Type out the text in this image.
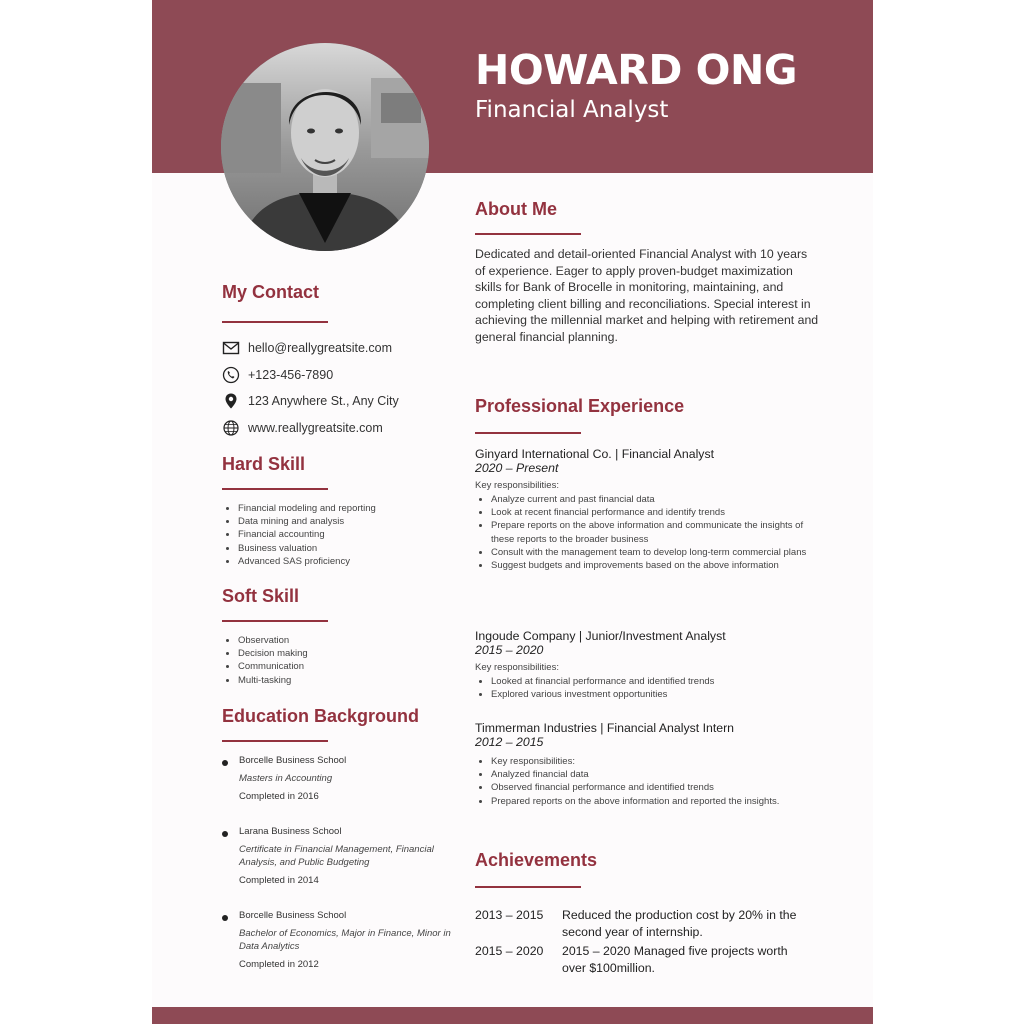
HOWARD ONG
Financial Analyst
My Contact
hello@reallygreatsite.com
+123-456-7890
123 Anywhere St., Any City
www.reallygreatsite.com
Hard Skill
• Financial modeling and reporting
• Data mining and analysis
• Financial accounting
• Business valuation
• Advanced SAS proficiency
Soft Skill
• Observation
• Decision making
• Communication
• Multi-tasking
Education Background
Borcelle Business School
Masters in Accounting
Completed in 2016
Larana Business School
Certificate in Financial Management, Financial Analysis, and Public Budgeting
Completed in 2014
Borcelle Business School
Bachelor of Economics, Major in Finance, Minor in Data Analytics
Completed in 2012
About Me
Dedicated and detail-oriented Financial Analyst with 10 years of experience. Eager to apply proven-budget maximization skills for Bank of Brocelle in monitoring, maintaining, and completing client billing and reconciliations. Special interest in achieving the millennial market and helping with retirement and general financial planning.
Professional Experience
Ginyard International Co. | Financial Analyst
2020 – Present
Key responsibilities:
• Analyze current and past financial data
• Look at recent financial performance and identify trends
• Prepare reports on the above information and communicate the insights of these reports to the broader business
• Consult with the management team to develop long-term commercial plans
• Suggest budgets and improvements based on the above information
Ingoude Company | Junior/Investment Analyst
2015 – 2020
Key responsibilities:
• Looked at financial performance and identified trends
• Explored various investment opportunities
Timmerman Industries | Financial Analyst Intern
2012 – 2015
• Key responsibilities:
• Analyzed financial data
• Observed financial performance and identified trends
• Prepared reports on the above information and reported the insights.
Achievements
2013 – 2015	Reduced the production cost by 20% in the second year of internship.
2015 – 2020	2015 – 2020 Managed five projects worth over $100million.
